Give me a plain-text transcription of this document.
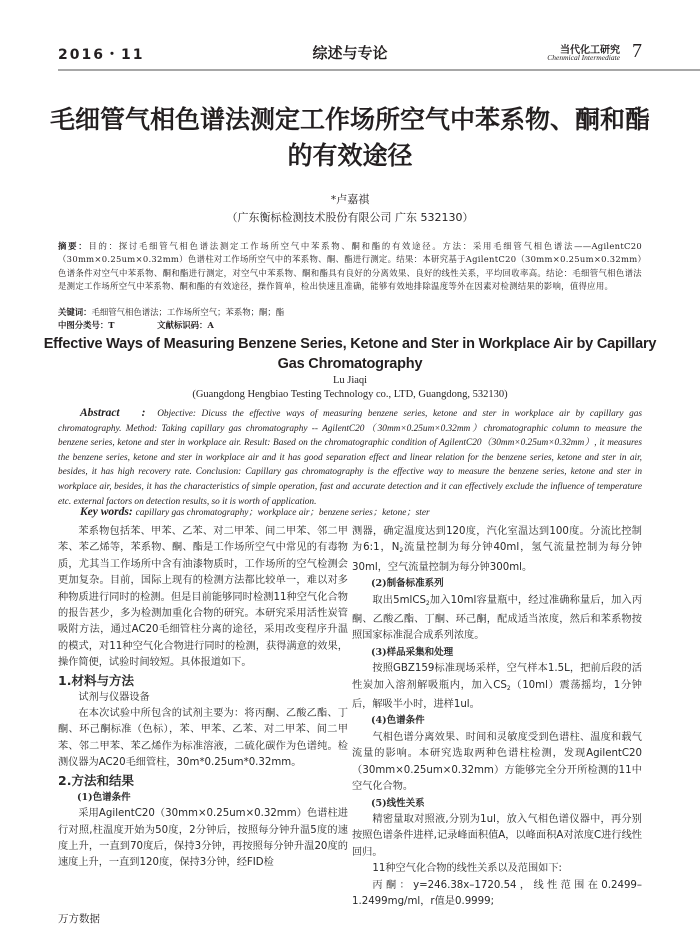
2016・11	综述与专论	当代化工研究
Chenmical Intermediate 7
毛细管气相色谱法测定工作场所空气中苯系物、酮和酯的有效途径
*卢嘉祺
（广东衡标检测技术股份有限公司 广东 532130）
摘要：目的：探讨毛细管气相色谱法测定工作场所空气中苯系物、酮和酯的有效途径。方法：采用毛细管气相色谱法——AgilentC20（30mm×0.25um×0.32mm）色谱柱对工作场所空气中的苯系物、酮、酯进行测定。结果：本研究基于AgilentC20（30mm×0.25um×0.32mm）色谱条件对空气中苯系物、酮和酯进行测定，对空气中苯系物、酮和酯具有良好的分离效果、良好的线性关系，平均回收率高。结论：毛细管气相色谱法是测定工作场所空气中苯系物、酮和酯的有效途径，操作简单，检出快速且准确，能够有效地排除温度等外在因素对检测结果的影响，值得应用。
关键词：毛细管气相色谱法；工作场所空气；苯系物；酮；酯
中图分类号：T	文献标识码：A
Effective Ways of Measuring Benzene Series, Ketone and Ster in Workplace Air by Capillary Gas Chromatography
Lu Jiaqi
(Guangdong Hengbiao Testing Technology co., LTD, Guangdong, 532130)
Abstract :  Objective: Dicuss the effective ways of measuring benzene series, ketone and ster in workplace air by capillary gas chromatography. Method: Taking capillary gas chromatography -- AgilentC20（30mm×0.25um×0.32mm）chromatographic column to measure the benzene series, ketone and ster in workplace air. Result: Based on the chromatographic condition of AgilentC20（30mm×0.25um×0.32mm）, it measures the benzene series, ketone and ster in workplace air and it has good separation effect and linear relation for the benzene series, ketone and ster in air, besides, it has high recovery rate. Conclusion: Capillary gas chromatography is the effective way to measure the benzene series, ketone and ster in workplace air, besides, it has the characteristics of simple operation, fast and accurate detection and it can effectively exclude the influence of temperature etc. external factors on detection results, so it is worth of application.
Key words: capillary gas chromatography；workplace air；benzene series；ketone；ster

苯系物包括苯、甲苯、乙苯、对二甲苯、间二甲苯、邻二甲苯、苯乙烯等，苯系物、酮、酯是工作场所空气中常见的有毒物质，尤其当工作场所中含有油漆物质时，工作场所的空气检测会更加复杂。目前，国际上现有的检测方法都比较单一，难以对多种物质进行同时的检测。但是目前能够同时检测11种空气化合物的报告甚少，多为检测加重化合物的研究。本研究采用活性炭管吸附方法，通过AC20毛细管柱分离的途径，采用改变程序升温的模式，对11种空气化合物进行同时的检测，获得满意的效果，操作简便，试验时间较短。具体报道如下。

1.材料与方法

试剂与仪器设备

在本次试验中所包含的试剂主要为：将丙酮、乙酸乙酯、丁酮、环己酮标准（色标），苯、甲苯、乙苯、对二甲苯、间二甲苯、邻二甲苯、苯乙烯作为标准溶液，二硫化碳作为色谱纯。检测仪器为AC20毛细管柱，30m*0.25um*0.32mm。

2.方法和结果

(1)色谱条件

采用AgilentC20（30mm×0.25um×0.32mm）色谱柱进行对照,柱温度开始为50度，2分钟后，按照每分钟升温5度的速度上升，一直到70度后，保持3分钟，再按照每分钟升温20度的速度上升，一直到120度，保持3分钟，经FID检

测器，确定温度达到120度，汽化室温达到100度。分流比控制为6:1，$N_2$流量控制为每分钟40ml，氢气流量控制为每分钟30ml，空气流量控制为每分钟300ml。

(2)制备标准系列

取出5mlCS$_2$加入10ml容量瓶中，经过准确称量后，加入丙酮、乙酸乙酯、丁酮、环己酮，配成适当浓度，然后和苯系物按照国家标准混合成系列浓度。

(3)样品采集和处理

按照GBZ159标准现场采样，空气样本1.5L，把前后段的活性炭加入溶剂解吸瓶内，加入$CS_2(10ml)$震荡摇均，1分钟后，解吸半小时，进样1ul。

(4)色谱条件

气相色谱分离效果、时间和灵敏度受到色谱柱、温度和载气流量的影响。本研究选取两种色谱柱检测，发现AgilentC20（30mm×0.25um×0.32mm）方能够完全分开所检测的11中空气化合物。

(5)线性关系

精密量取对照液,分别为1ul，放入气相色谱仪器中，再分别按照色谱条件进样,记录峰面积值A，以峰面积A对浓度C进行线性回归。

11种空气化合物的线性关系以及范围如下:

丙酮：y=246.38x–1720.54，线性范围在0.2499–1.2499mg/ml，r值是0.9999;

万方数据
